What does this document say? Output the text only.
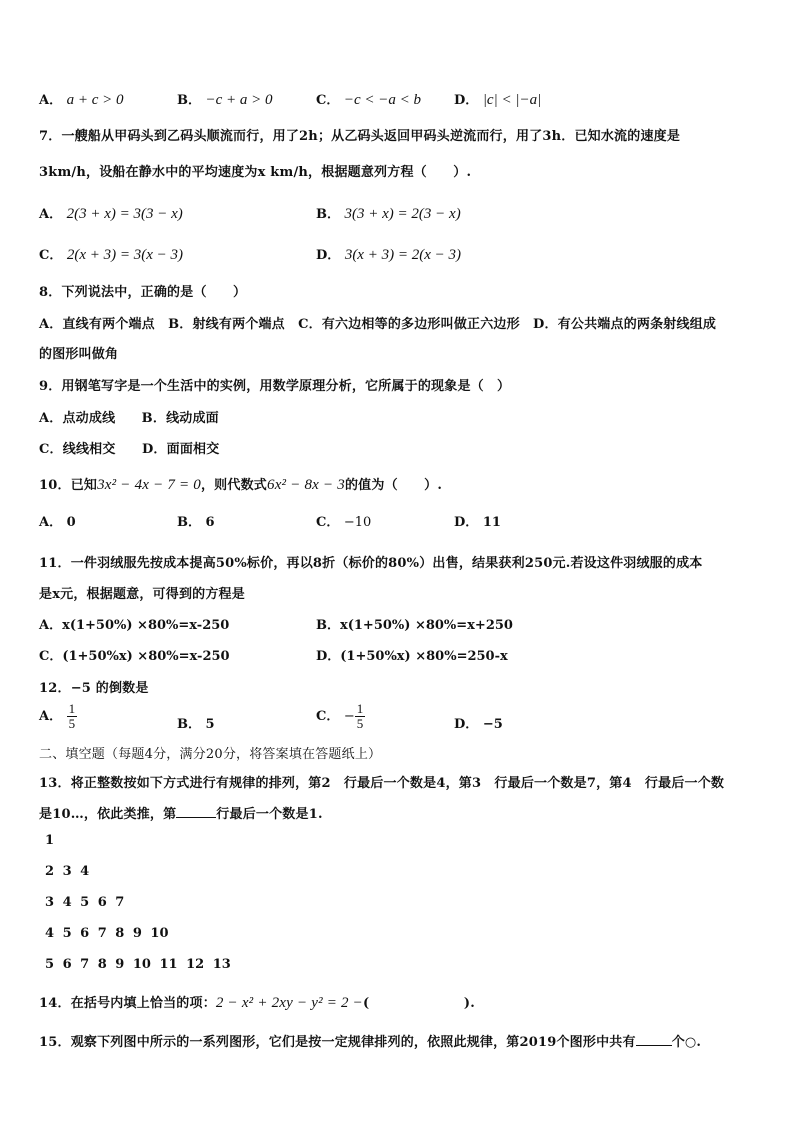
A． a + c > 0	B． −c + a > 0	C． −c < −a < b	D． |c| < |−a|
7．一艘船从甲码头到乙码头顺流而行，用了2h；从乙码头返回甲码头逆流而行，用了3h．已知水流的速度是
3km/h，设船在静水中的平均速度为x km/h，根据题意列方程（　　）.
A． 2(3 + x) = 3(3 − x)	B． 3(3 + x) = 2(3 − x)
C． 2(x + 3) = 3(x − 3)	D． 3(x + 3) = 2(x − 3)
8．下列说法中，正确的是（　　）
A．直线有两个端点　B．射线有两个端点　C．有六边相等的多边形叫做正六边形　D．有公共端点的两条射线组成
的图形叫做角
9．用钢笔写字是一个生活中的实例，用数学原理分析，它所属于的现象是（　）
A．点动成线　　B．线动成面
C．线线相交　　D．面面相交
10．已知3x² − 4x − 7 = 0，则代数式6x² − 8x − 3的值为（　　）.
A． 0	B． 6	C． −10	D． 11
11．一件羽绒服先按成本提高50%标价，再以8折（标价的80%）出售，结果获利250元.若设这件羽绒服的成本
是x元，根据题意，可得到的方程是
A．x(1+50%) ×80%=x-250	B．x(1+50%) ×80%=x+250
C．(1+50%x) ×80%=x-250	D．(1+50%x) ×80%=250-x
12．−5 的倒数是
A． $\frac{1}{5}$	B． 5
C． − $\frac{1}{5}$	D． −5
二、填空题（每题4分，满分20分，将答案填在答题纸上）
13．将正整数按如下方式进行有规律的排列，第2　行最后一个数是4，第3　行最后一个数是7，第4　行最后一个数
是10…，依此类推，第	行最后一个数是1.
1
2 3 4
3 4 5 6 7
4 5 6 7 8 9 10
5 6 7 8 9 10 11 12 13
14．在括号内填上恰当的项：2 − x² + 2xy − y² = 2 −(                    ).
15．观察下列图中所示的一系列图形，它们是按一定规律排列的，依照此规律，第2019个图形中共有	个○.
